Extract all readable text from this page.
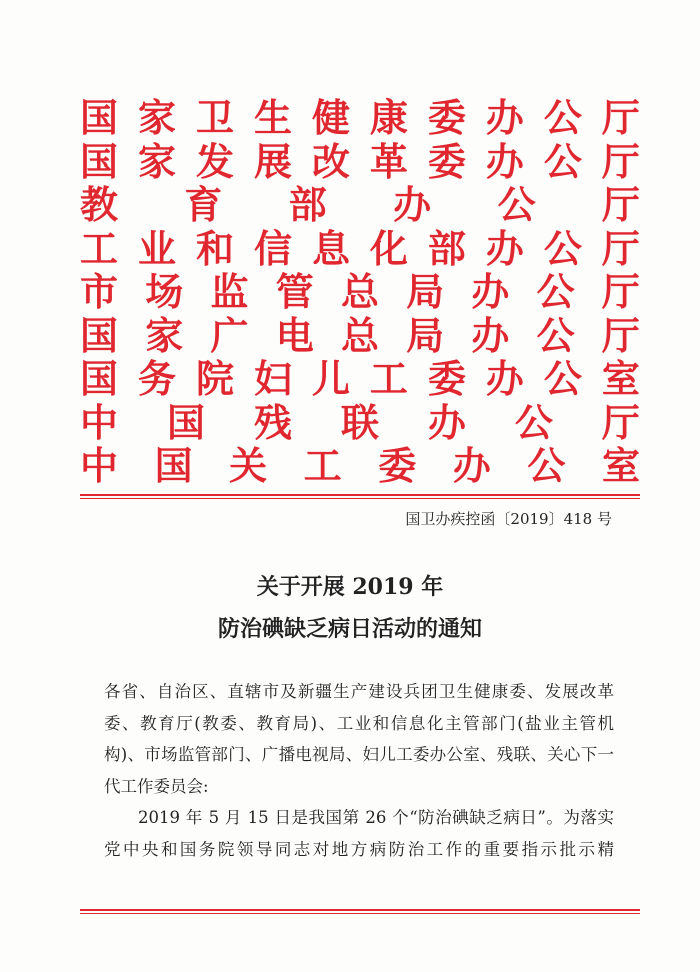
国 家 卫 生 健 康 委 办 公 厅
国 家 发 展 改 革 委 办 公 厅
教 育 部 办 公 厅
工 业 和 信 息 化 部 办 公 厅
市 场 监 管 总 局 办 公 厅
国 家 广 电 总 局 办 公 厅
国 务 院 妇 儿 工 委 办 公 室
中 国 残 联 办 公 厅
中 国 关 工 委 办 公 室
国卫办疾控函〔2019〕418 号
关于开展 2019 年
防治碘缺乏病日活动的通知
各省、自治区、直辖市及新疆生产建设兵团卫生健康委、发展改革
委、教育厅(教委、教育局)、工业和信息化主管部门(盐业主管机
构)、市场监管部门、广播电视局、妇儿工委办公室、残联、关心下一
代工作委员会:
2019 年 5 月 15 日是我国第 26 个“防治碘缺乏病日”。为落实
党中央和国务院领导同志对地方病防治工作的重要指示批示精
